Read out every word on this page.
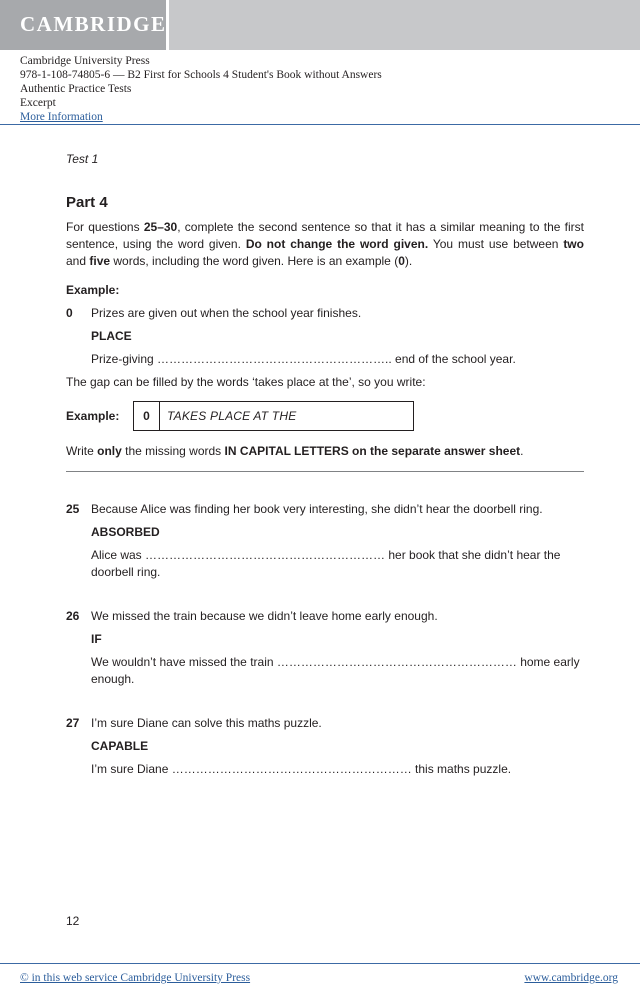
CAMBRIDGE
Cambridge University Press
978-1-108-74805-6 — B2 First for Schools 4 Student's Book without Answers
Authentic Practice Tests
Excerpt
More Information
Test 1
Part 4
For questions 25–30, complete the second sentence so that it has a similar meaning to the first sentence, using the word given. Do not change the word given. You must use between two and five words, including the word given. Here is an example (0).
Example:
0 Prizes are given out when the school year finishes.
PLACE
Prize-giving ………………………………………………….. end of the school year.
The gap can be filled by the words ‘takes place at the’, so you write:
Example:	0	TAKES PLACE AT THE
Write only the missing words IN CAPITAL LETTERS on the separate answer sheet.
25 Because Alice was finding her book very interesting, she didn’t hear the doorbell ring.
ABSORBED
Alice was …………………………………………………… her book that she didn’t hear the doorbell ring.
26 We missed the train because we didn’t leave home early enough.
IF
We wouldn’t have missed the train …………………………………………………… home early enough.
27 I’m sure Diane can solve this maths puzzle.
CAPABLE
I’m sure Diane …………………………………………………… this maths puzzle.
12
© in this web service Cambridge University Press	www.cambridge.org
